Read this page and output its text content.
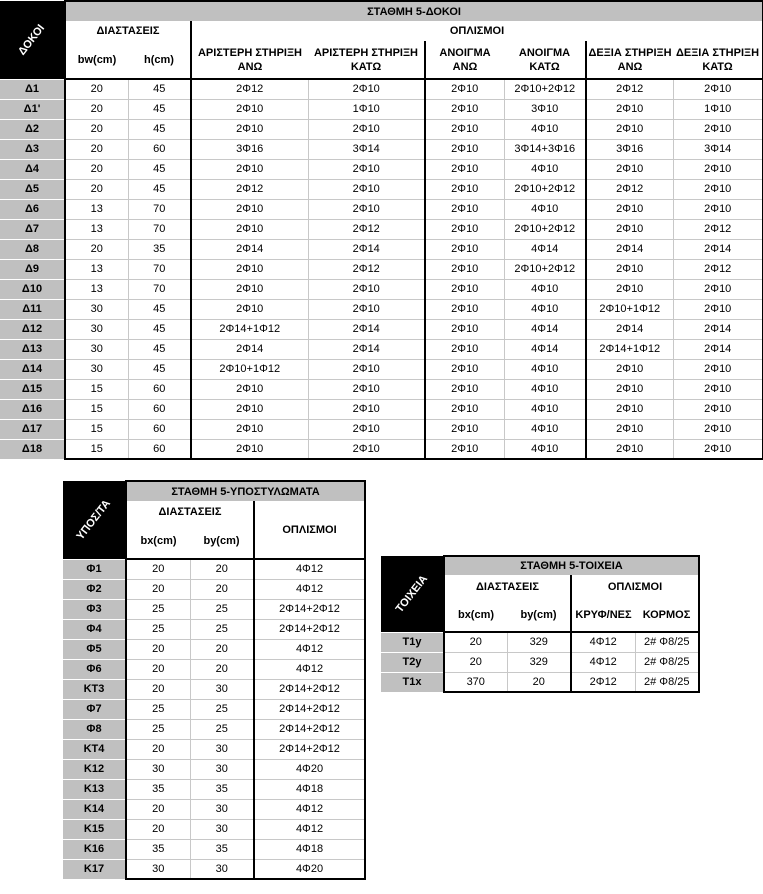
ΔΟΚΟΙ	ΣΤΑΘΜΗ 5-ΔΟΚΟΙ							
	ΔΙΑΣΤΑΣΕΙΣ		ΟΠΛΙΣΜΟΙ					
	bw(cm)	h(cm)	ΑΡΙΣΤΕΡΗ ΣΤΗΡΙΞΗ ΑΝΩ	ΑΡΙΣΤΕΡΗ ΣΤΗΡΙΞΗ ΚΑΤΩ	ΑΝΟΙΓΜΑ ΑΝΩ	ΑΝΟΙΓΜΑ ΚΑΤΩ	ΔΕΞΙΑ ΣΤΗΡΙΞΗ ΑΝΩ	ΔΕΞΙΑ ΣΤΗΡΙΞΗ ΚΑΤΩ
Δ1	20	45	2Φ12	2Φ10	2Φ10	2Φ10+2Φ12	2Φ12	2Φ10
Δ1'	20	45	2Φ10	1Φ10	2Φ10	3Φ10	2Φ10	1Φ10
Δ2	20	45	2Φ10	2Φ10	2Φ10	4Φ10	2Φ10	2Φ10
Δ3	20	60	3Φ16	3Φ14	2Φ10	3Φ14+3Φ16	3Φ16	3Φ14
Δ4	20	45	2Φ10	2Φ10	2Φ10	4Φ10	2Φ10	2Φ10
Δ5	20	45	2Φ12	2Φ10	2Φ10	2Φ10+2Φ12	2Φ12	2Φ10
Δ6	13	70	2Φ10	2Φ10	2Φ10	4Φ10	2Φ10	2Φ10
Δ7	13	70	2Φ10	2Φ12	2Φ10	2Φ10+2Φ12	2Φ10	2Φ12
Δ8	20	35	2Φ14	2Φ14	2Φ10	4Φ14	2Φ14	2Φ14
Δ9	13	70	2Φ10	2Φ12	2Φ10	2Φ10+2Φ12	2Φ10	2Φ12
Δ10	13	70	2Φ10	2Φ10	2Φ10	4Φ10	2Φ10	2Φ10
Δ11	30	45	2Φ10	2Φ10	2Φ10	4Φ10	2Φ10+1Φ12	2Φ10
Δ12	30	45	2Φ14+1Φ12	2Φ14	2Φ10	4Φ14	2Φ14	2Φ14
Δ13	30	45	2Φ14	2Φ14	2Φ10	4Φ14	2Φ14+1Φ12	2Φ14
Δ14	30	45	2Φ10+1Φ12	2Φ10	2Φ10	4Φ10	2Φ10	2Φ10
Δ15	15	60	2Φ10	2Φ10	2Φ10	4Φ10	2Φ10	2Φ10
Δ16	15	60	2Φ10	2Φ10	2Φ10	4Φ10	2Φ10	2Φ10
Δ17	15	60	2Φ10	2Φ10	2Φ10	4Φ10	2Φ10	2Φ10
Δ18	15	60	2Φ10	2Φ10	2Φ10	4Φ10	2Φ10	2Φ10
ΥΠΟΣ/ΤΑ	ΣΤΑΘΜΗ 5-ΥΠΟΣΤΥΛΩΜΑΤΑ		
	ΔΙΑΣΤΑΣΕΙΣ		ΟΠΛΙΣΜΟΙ
	bx(cm)	by(cm)	
Φ1	20	20	4Φ12
Φ2	20	20	4Φ12
Φ3	25	25	2Φ14+2Φ12
Φ4	25	25	2Φ14+2Φ12
Φ5	20	20	4Φ12
Φ6	20	20	4Φ12
ΚΤ3	20	30	2Φ14+2Φ12
Φ7	25	25	2Φ14+2Φ12
Φ8	25	25	2Φ14+2Φ12
ΚΤ4	20	30	2Φ14+2Φ12
Κ12	30	30	4Φ20
Κ13	35	35	4Φ18
Κ14	20	30	4Φ12
Κ15	20	30	4Φ12
Κ16	35	35	4Φ18
Κ17	30	30	4Φ20
ΤΟΙΧΕΙΑ	ΣΤΑΘΜΗ 5-ΤΟΙΧΕΙΑ			
	ΔΙΑΣΤΑΣΕΙΣ		ΟΠΛΙΣΜΟΙ	
	bx(cm)	by(cm)	ΚΡΥΦ/ΝΕΣ	ΚΟΡΜΟΣ
Τ1y	20	329	4Φ12	2# Φ8/25
Τ2y	20	329	4Φ12	2# Φ8/25
Τ1x	370	20	2Φ12	2# Φ8/25
